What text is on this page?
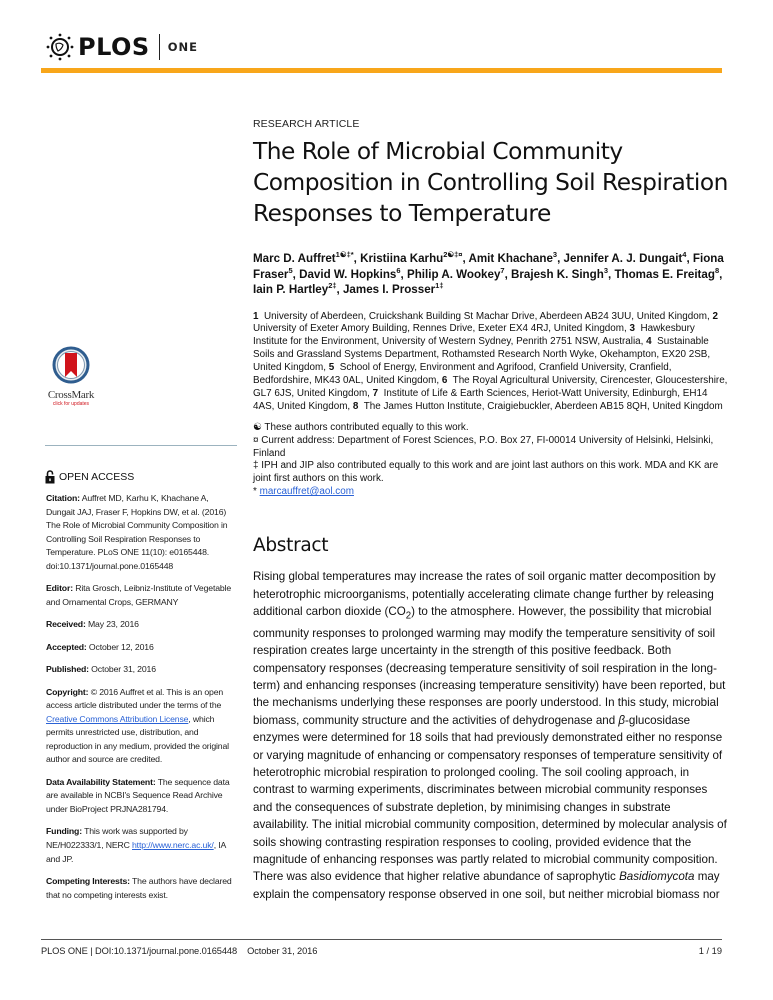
PLOS ONE
CrossMark
click for updates
OPEN ACCESS

Citation: Auffret MD, Karhu K, Khachane A, Dungait JAJ, Fraser F, Hopkins DW, et al. (2016) The Role of Microbial Community Composition in Controlling Soil Respiration Responses to Temperature. PLoS ONE 11(10): e0165448. doi:10.1371/journal.pone.0165448

Editor: Rita Grosch, Leibniz-Institute of Vegetable and Ornamental Crops, GERMANY

Received: May 23, 2016

Accepted: October 12, 2016

Published: October 31, 2016

Copyright: © 2016 Auffret et al. This is an open access article distributed under the terms of the Creative Commons Attribution License, which permits unrestricted use, distribution, and reproduction in any medium, provided the original author and source are credited.

Data Availability Statement: The sequence data are available in NCBI's Sequence Read Archive under BioProject PRJNA281794.

Funding: This work was supported by NE/H022333/1, NERC http://www.nerc.ac.uk/, IA and JP.

Competing Interests: The authors have declared that no competing interests exist.

RESEARCH ARTICLE
The Role of Microbial Community Composition in Controlling Soil Respiration Responses to Temperature
Marc D. Auffret$^{1☯\ddagger*}$, Kristiina Karhu$^{2☯\ddagger¤}$, Amit Khachane$^3$, Jennifer A. J. Dungait$^4$, Fiona Fraser$^5$, David W. Hopkins$^6$, Philip A. Wookey$^7$, Brajesh K. Singh$^3$, Thomas E. Freitag$^8$, Iain P. Hartley$^{2\ddagger}$, James I. Prosser$^{1\ddagger}$
1 University of Aberdeen, Cruickshank Building St Machar Drive, Aberdeen AB24 3UU, United Kingdom, 2  University of Exeter Amory Building, Rennes Drive, Exeter EX4 4RJ, United Kingdom, 3 Hawkesbury Institute for the Environment, University of Western Sydney, Penrith 2751 NSW, Australia, 4 Sustainable Soils and Grassland Systems Department, Rothamsted Research North Wyke, Okehampton, EX20 2SB, United Kingdom, 5 School of Energy, Environment and Agrifood, Cranfield University, Cranfield, Bedfordshire, MK43 0AL, United Kingdom, 6 The Royal Agricultural University, Cirencester, Gloucestershire, GL7 6JS, United Kingdom, 7 Institute of Life & Earth Sciences, Heriot-Watt University, Edinburgh, EH14 4AS, United Kingdom, 8 The James Hutton Institute, Craigiebuckler, Aberdeen AB15 8QH, United Kingdom

☯ These authors contributed equally to this work.

¤ Current address: Department of Forest Sciences, P.O. Box 27, FI-00014 University of Helsinki, Helsinki, Finland

‡ IPH and JIP also contributed equally to this work and are joint last authors on this work. MDA and KK are joint first authors on this work.

* marcauffret@aol.com

Abstract

Rising global temperatures may increase the rates of soil organic matter decomposition by heterotrophic microorganisms, potentially accelerating climate change further by releasing additional carbon dioxide $(CO_2)$ to the atmosphere. However, the possibility that microbial community responses to prolonged warming may modify the temperature sensitivity of soil respiration creates large uncertainty in the strength of this positive feedback. Both compensatory responses (decreasing temperature sensitivity of soil respiration in the long-term) and enhancing responses (increasing temperature sensitivity) have been reported, but the mechanisms underlying these responses are poorly understood. In this study, microbial biomass, community structure and the activities of dehydrogenase and β-glucosidase enzymes were determined for 18 soils that had previously demonstrated either no response or varying magnitude of enhancing or compensatory responses of temperature sensitivity of heterotrophic microbial respiration to prolonged cooling. The soil cooling approach, in contrast to warming experiments, discriminates between microbial community responses and the consequences of substrate depletion, by minimising changes in substrate availability. The initial microbial community composition, determined by molecular analysis of soils showing contrasting respiration responses to cooling, provided evidence that the magnitude of enhancing responses was partly related to microbial community composition. There was also evidence that higher relative abundance of saprophytic Basidiomycota may explain the compensatory response observed in one soil, but neither microbial biomass nor

PLOS ONE | DOI:10.1371/journal.pone.0165448 October 31, 2016	1 / 19
